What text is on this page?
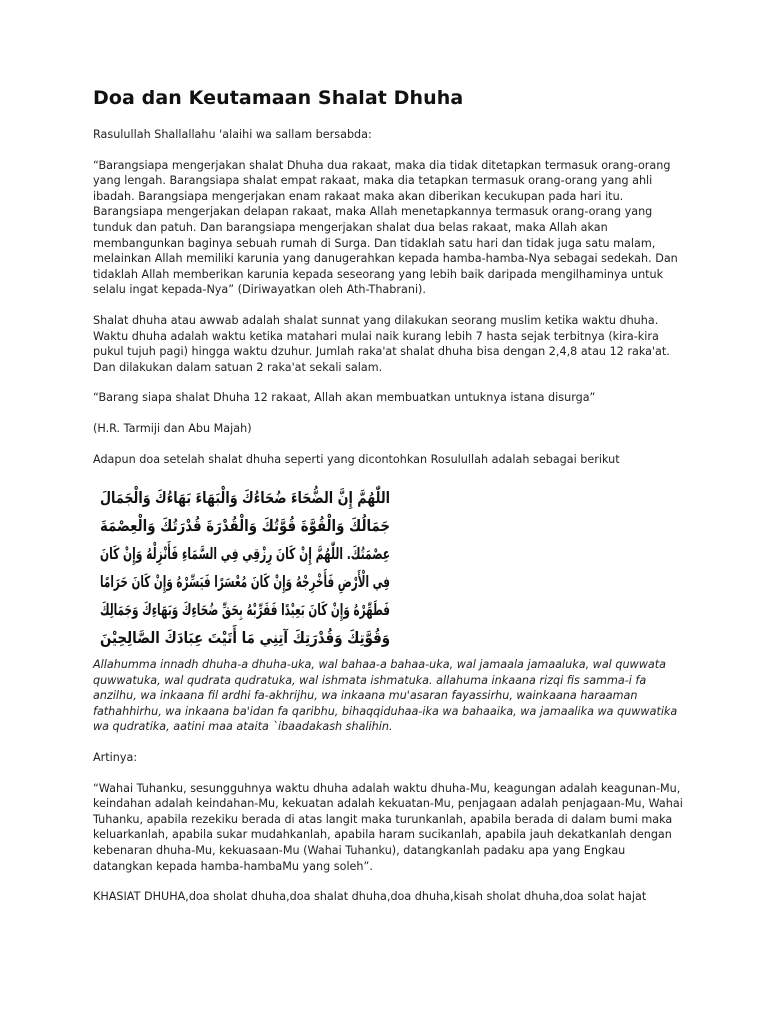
Doa dan Keutamaan Shalat Dhuha

Rasulullah Shallallahu 'alaihi wa sallam bersabda:

“Barangsiapa mengerjakan shalat Dhuha dua rakaat, maka dia tidak ditetapkan termasuk orang-orang yang lengah. Barangsiapa shalat empat rakaat, maka dia tetapkan termasuk orang-orang yang ahli ibadah. Barangsiapa mengerjakan enam rakaat maka akan diberikan kecukupan pada hari itu. Barangsiapa mengerjakan delapan rakaat, maka Allah menetapkannya termasuk orang-orang yang tunduk dan patuh. Dan barangsiapa mengerjakan shalat dua belas rakaat, maka Allah akan membangunkan baginya sebuah rumah di Surga. Dan tidaklah satu hari dan tidak juga satu malam, melainkan Allah memiliki karunia yang danugerahkan kepada hamba-hamba-Nya sebagai sedekah. Dan tidaklah Allah memberikan karunia kepada seseorang yang lebih baik daripada mengilhaminya untuk selalu ingat kepada-Nya” (Diriwayatkan oleh Ath-Thabrani).

Shalat dhuha atau awwab adalah shalat sunnat yang dilakukan seorang muslim ketika waktu dhuha. Waktu dhuha adalah waktu ketika matahari mulai naik kurang lebih 7 hasta sejak terbitnya (kira-kira pukul tujuh pagi) hingga waktu dzuhur. Jumlah raka'at shalat dhuha bisa dengan 2,4,8 atau 12 raka'at. Dan dilakukan dalam satuan 2 raka'at sekali salam.

“Barang siapa shalat Dhuha 12 rakaat, Allah akan membuatkan untuknya istana disurga”

(H.R. Tarmiji dan Abu Majah)

Adapun doa setelah shalat dhuha seperti yang dicontohkan Rosulullah adalah sebagai berikut

اللّٰهُمَّ إِنَّ الضُّحَاءَ ضُحَاءُكَ وَالْبَهَاءَ بَهَاءُكَ وَالْجَمَالَ
جَمَالُكَ وَالْقُوَّةَ قُوَّتُكَ وَالْقُدْرَةَ قُدْرَتُكَ وَالْعِصْمَةَ
عِصْمَتُكَ. اللّٰهُمَّ إِنْ كَانَ رِزْقِي فِي السَّمَاءِ فَأَنْزِلْهُ وَإِنْ كَانَ
فِي الْأَرْضِ فَأَخْرِجْهُ وَإِنْ كَانَ مُعْسَرًا فَيَسِّرْهُ وَإِنْ كَانَ حَرَامًا
فَطَهِّرْهُ وَإِنْ كَانَ بَعِيْدًا فَقَرِّبْهُ بِحَقِّ ضُحَاءِكَ وَبَهَاءِكَ وَجَمَالِكَ
وَقُوَّتِكَ وَقُدْرَتِكَ آتِنِي مَا أَتَيْتَ عِبَادَكَ الصَّالِحِيْنَ

Allahumma innadh dhuha-a dhuha-uka, wal bahaa-a bahaa-uka, wal jamaala jamaaluka, wal quwwata quwwatuka, wal qudrata qudratuka, wal ishmata ishmatuka. allahuma inkaana rizqi fis samma-i fa anzilhu, wa inkaana fil ardhi fa-akhrijhu, wa inkaana mu'asaran fayassirhu, wainkaana haraaman fathahhirhu, wa inkaana ba'idan fa qaribhu, bihaqqiduhaa-ika wa bahaaika, wa jamaalika wa quwwatika wa qudratika, aatini maa ataita `ibaadakash shalihin.

Artinya:

“Wahai Tuhanku, sesungguhnya waktu dhuha adalah waktu dhuha-Mu, keagungan adalah keagunan-Mu, keindahan adalah keindahan-Mu, kekuatan adalah kekuatan-Mu, penjagaan adalah penjagaan-Mu, Wahai Tuhanku, apabila rezekiku berada di atas langit maka turunkanlah, apabila berada di dalam bumi maka keluarkanlah, apabila sukar mudahkanlah, apabila haram sucikanlah, apabila jauh dekatkanlah dengan kebenaran dhuha-Mu, kekuasaan-Mu (Wahai Tuhanku), datangkanlah padaku apa yang Engkau datangkan kepada hamba-hambaMu yang soleh”.

KHASIAT DHUHA,doa sholat dhuha,doa shalat dhuha,doa dhuha,kisah sholat dhuha,doa solat hajat
